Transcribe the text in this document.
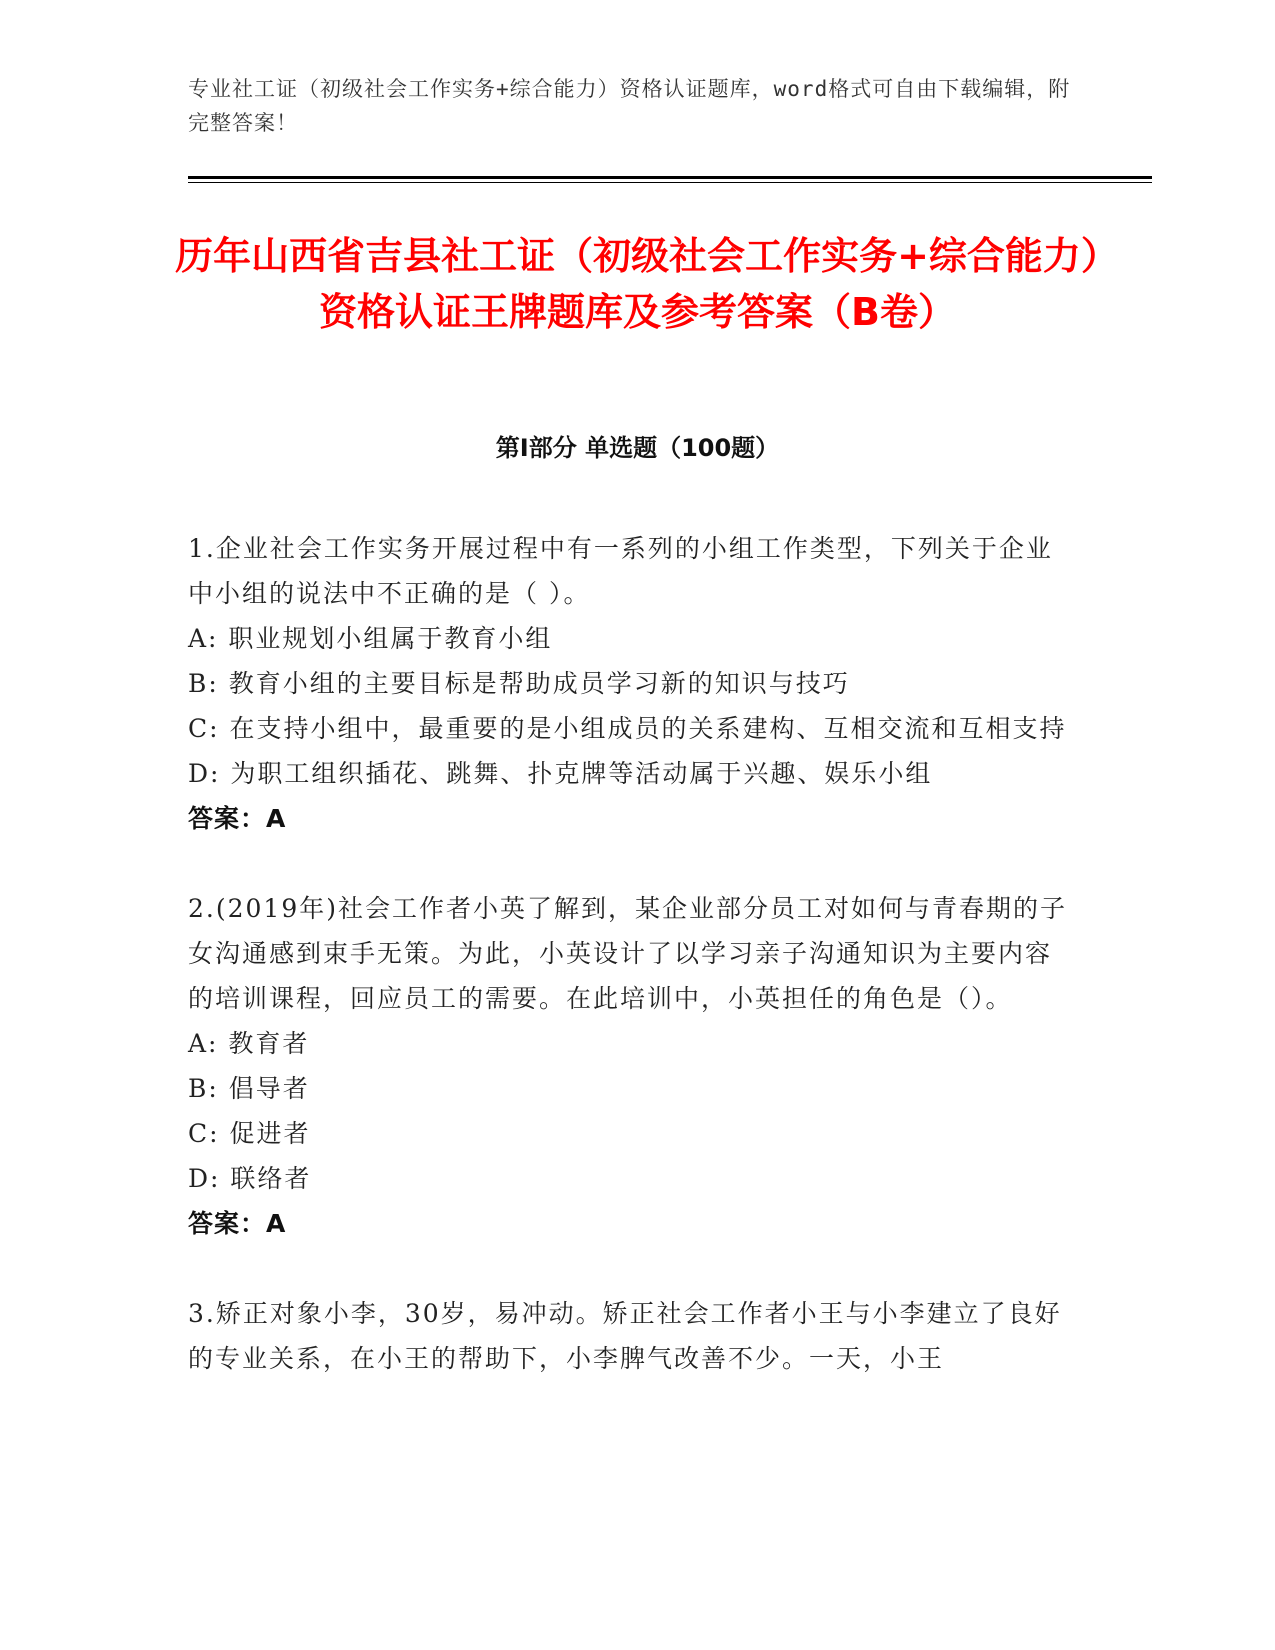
专业社工证（初级社会工作实务+综合能力）资格认证题库，word格式可自由下载编辑，附完整答案！
历年山西省吉县社工证（初级社会工作实务+综合能力）资格认证王牌题库及参考答案（B卷）
第Ⅰ部分 单选题（100题）

1.企业社会工作实务开展过程中有一系列的小组工作类型，下列关于企业中小组的说法中不正确的是（ ）。

A: 职业规划小组属于教育小组

B: 教育小组的主要目标是帮助成员学习新的知识与技巧

C: 在支持小组中，最重要的是小组成员的关系建构、互相交流和互相支持

D: 为职工组织插花、跳舞、扑克牌等活动属于兴趣、娱乐小组

答案：A

2.(2019年)社会工作者小英了解到，某企业部分员工对如何与青春期的子女沟通感到束手无策。为此，小英设计了以学习亲子沟通知识为主要内容的培训课程，回应员工的需要。在此培训中，小英担任的角色是（）。

A: 教育者

B: 倡导者

C: 促进者

D: 联络者

答案：A

3.矫正对象小李，30岁，易冲动。矫正社会工作者小王与小李建立了良好的专业关系，在小王的帮助下，小李脾气改善不少。一天，小王
